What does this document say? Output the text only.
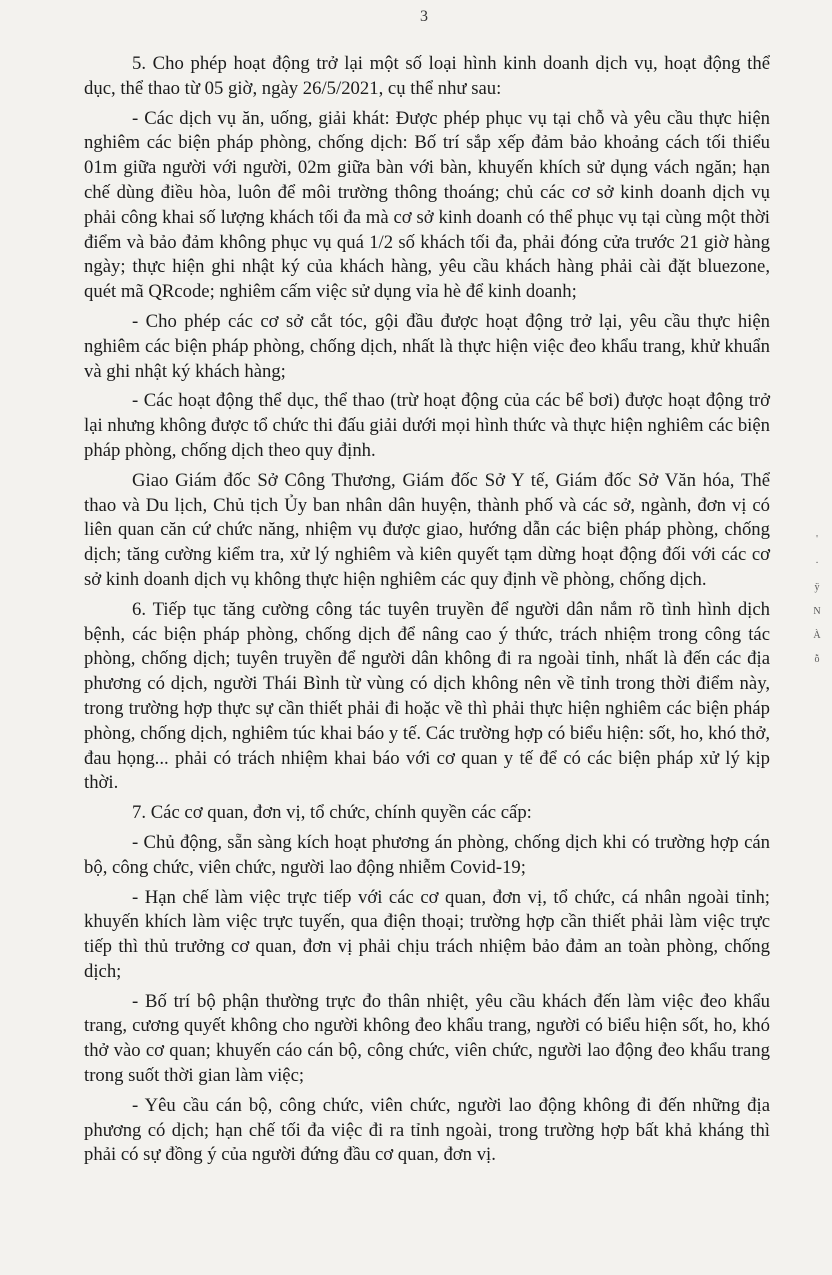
3

5. Cho phép hoạt động trở lại một số loại hình kinh doanh dịch vụ, hoạt động thể dục, thể thao từ 05 giờ, ngày 26/5/2021, cụ thể như sau:

- Các dịch vụ ăn, uống, giải khát: Được phép phục vụ tại chỗ và yêu cầu thực hiện nghiêm các biện pháp phòng, chống dịch: Bố trí sắp xếp đảm bảo khoảng cách tối thiểu 01m giữa người với người, 02m giữa bàn với bàn, khuyến khích sử dụng vách ngăn; hạn chế dùng điều hòa, luôn để môi trường thông thoáng; chủ các cơ sở kinh doanh dịch vụ phải công khai số lượng khách tối đa mà cơ sở kinh doanh có thể phục vụ tại cùng một thời điểm và bảo đảm không phục vụ quá 1/2 số khách tối đa, phải đóng cửa trước 21 giờ hàng ngày; thực hiện ghi nhật ký của khách hàng, yêu cầu khách hàng phải cài đặt bluezone, quét mã QRcode; nghiêm cấm việc sử dụng vỉa hè để kinh doanh;

- Cho phép các cơ sở cắt tóc, gội đầu được hoạt động trở lại, yêu cầu thực hiện nghiêm các biện pháp phòng, chống dịch, nhất là thực hiện việc đeo khẩu trang, khử khuẩn và ghi nhật ký khách hàng;

- Các hoạt động thể dục, thể thao (trừ hoạt động của các bể bơi) được hoạt động trở lại nhưng không được tổ chức thi đấu giải dưới mọi hình thức và thực hiện nghiêm các biện pháp phòng, chống dịch theo quy định.

Giao Giám đốc Sở Công Thương, Giám đốc Sở Y tế, Giám đốc Sở Văn hóa, Thể thao và Du lịch, Chủ tịch Ủy ban nhân dân huyện, thành phố và các sở, ngành, đơn vị có liên quan căn cứ chức năng, nhiệm vụ được giao, hướng dẫn các biện pháp phòng, chống dịch; tăng cường kiểm tra, xử lý nghiêm và kiên quyết tạm dừng hoạt động đối với các cơ sở kinh doanh dịch vụ không thực hiện nghiêm các quy định về phòng, chống dịch.

6. Tiếp tục tăng cường công tác tuyên truyền để người dân nắm rõ tình hình dịch bệnh, các biện pháp phòng, chống dịch để nâng cao ý thức, trách nhiệm trong công tác phòng, chống dịch; tuyên truyền để người dân không đi ra ngoài tỉnh, nhất là đến các địa phương có dịch, người Thái Bình từ vùng có dịch không nên về tỉnh trong thời điểm này, trong trường hợp thực sự cần thiết phải đi hoặc về thì phải thực hiện nghiêm các biện pháp phòng, chống dịch, nghiêm túc khai báo y tế. Các trường hợp có biểu hiện: sốt, ho, khó thở, đau họng... phải có trách nhiệm khai báo với cơ quan y tế để có các biện pháp xử lý kịp thời.

7. Các cơ quan, đơn vị, tổ chức, chính quyền các cấp:

- Chủ động, sẵn sàng kích hoạt phương án phòng, chống dịch khi có trường hợp cán bộ, công chức, viên chức, người lao động nhiễm Covid-19;

- Hạn chế làm việc trực tiếp với các cơ quan, đơn vị, tổ chức, cá nhân ngoài tỉnh; khuyến khích làm việc trực tuyến, qua điện thoại; trường hợp cần thiết phải làm việc trực tiếp thì thủ trưởng cơ quan, đơn vị phải chịu trách nhiệm bảo đảm an toàn phòng, chống dịch;

- Bố trí bộ phận thường trực đo thân nhiệt, yêu cầu khách đến làm việc đeo khẩu trang, cương quyết không cho người không đeo khẩu trang, người có biểu hiện sốt, ho, khó thở vào cơ quan; khuyến cáo cán bộ, công chức, viên chức, người lao động đeo khẩu trang trong suốt thời gian làm việc;

- Yêu cầu cán bộ, công chức, viên chức, người lao động không đi đến những địa phương có dịch; hạn chế tối đa việc đi ra tỉnh ngoài, trong trường hợp bất khả kháng thì phải có sự đồng ý của người đứng đầu cơ quan, đơn vị.

'
·
ÿ
N
À
ỗ
